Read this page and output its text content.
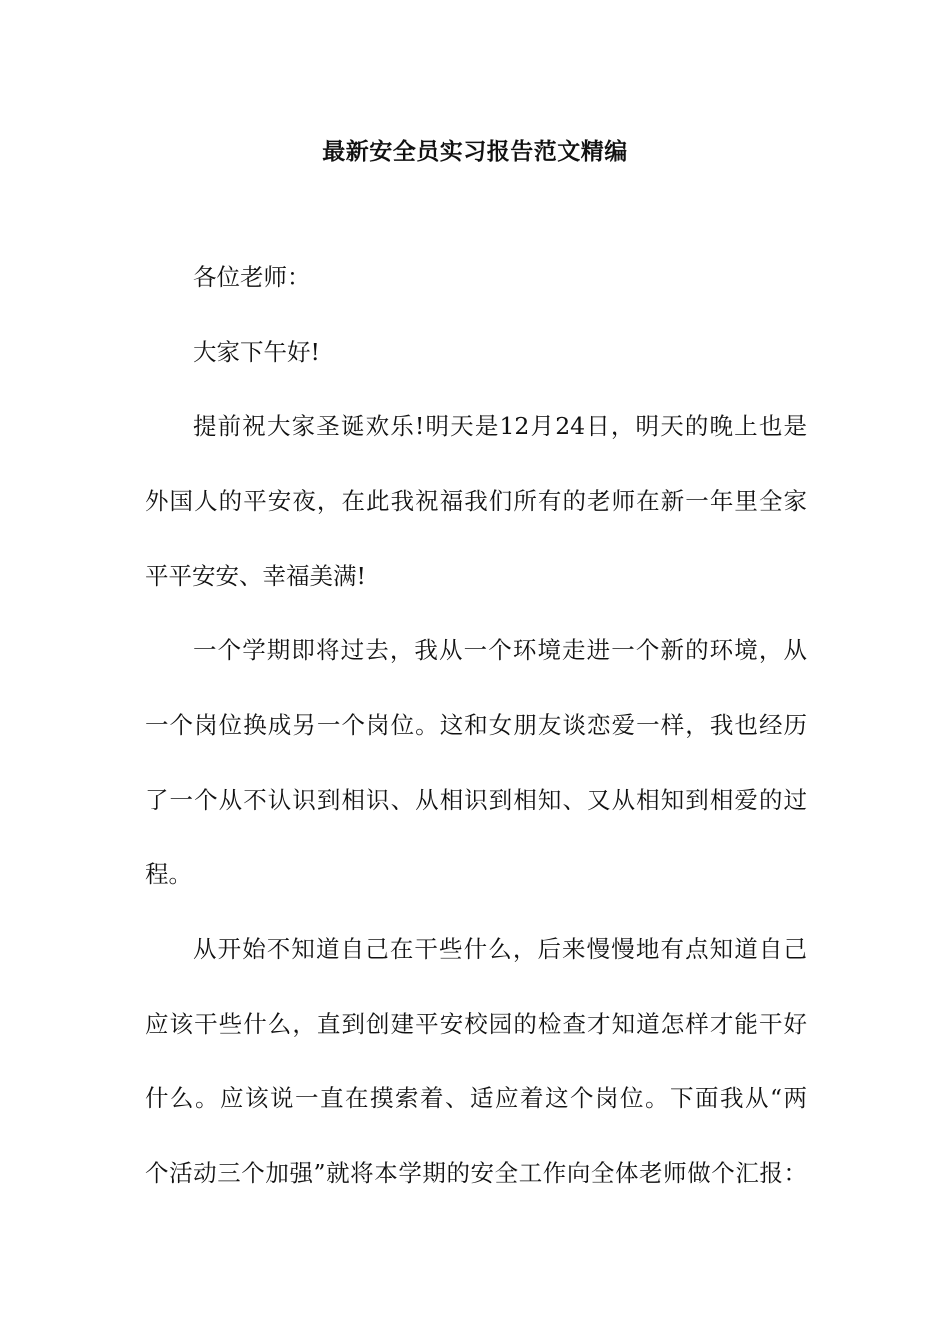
最新安全员实习报告范文精编
各位老师：
大家下午好!
提前祝大家圣诞欢乐!明天是12月24日，明天的晚上也是
外国人的平安夜，在此我祝福我们所有的老师在新一年里全家
平平安安、幸福美满!
一个学期即将过去，我从一个环境走进一个新的环境，从
一个岗位换成另一个岗位。这和女朋友谈恋爱一样，我也经历
了一个从不认识到相识、从相识到相知、又从相知到相爱的过
程。
从开始不知道自己在干些什么，后来慢慢地有点知道自己
应该干些什么，直到创建平安校园的检查才知道怎样才能干好
什么。应该说一直在摸索着、适应着这个岗位。下面我从“两
个活动三个加强”就将本学期的安全工作向全体老师做个汇报：
